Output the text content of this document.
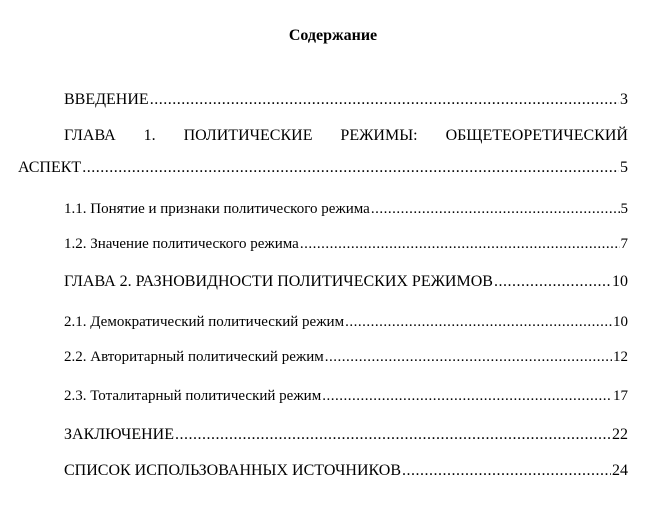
Содержание
ВВЕДЕНИЕ .....	3
ГЛАВА 1. ПОЛИТИЧЕСКИЕ РЕЖИМЫ: ОБЩЕТЕОРЕТИЧЕСКИЙ
АСПЕКТ .....	5
1.1. Понятие и признаки политического режима .....	5
1.2. Значение политического режима .....	7
ГЛАВА 2. РАЗНОВИДНОСТИ ПОЛИТИЧЕСКИХ РЕЖИМОВ .....	10
2.1. Демократический политический режим .....	10
2.2. Авторитарный политический режим .....	12
2.3. Тоталитарный политический режим .....	17
ЗАКЛЮЧЕНИЕ .....	22
СПИСОК ИСПОЛЬЗОВАННЫХ ИСТОЧНИКОВ .....	24
